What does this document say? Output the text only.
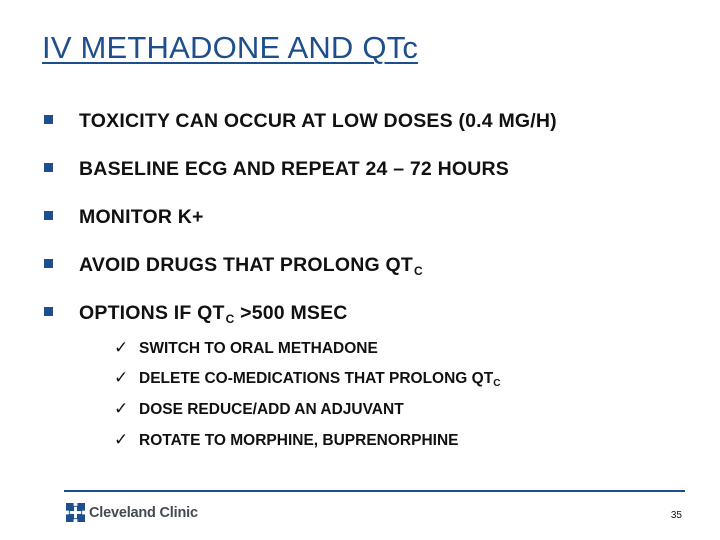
IV METHADONE AND QTc
TOXICITY CAN OCCUR AT LOW DOSES (0.4 MG/H)
BASELINE ECG AND REPEAT 24 – 72 HOURS
MONITOR K+
AVOID DRUGS THAT PROLONG $QT_C$
OPTIONS IF $QT_C >500$ MSEC
✓ SWITCH TO ORAL METHADONE
✓ DELETE CO-MEDICATIONS THAT PROLONG QTC
✓ DOSE REDUCE/ADD AN ADJUVANT
✓ ROTATE TO MORPHINE, BUPRENORPHINE
Cleveland Clinic	35
